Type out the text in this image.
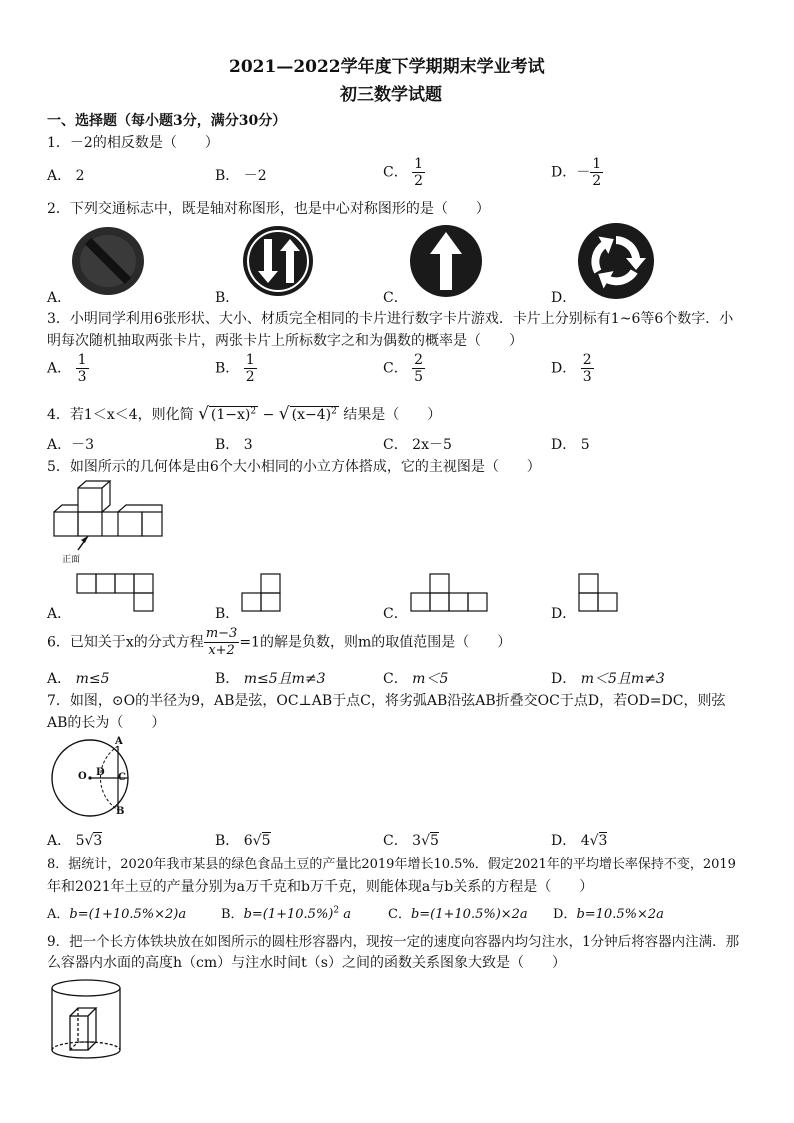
2021—2022学年度下学期期末学业考试
初三数学试题
一、选择题（每小题3分，满分30分）
1．－2的相反数是（　　）
A． 2	B． －2	C． $\frac{1}{2}$	D．－ $\frac{1}{2}$
2．下列交通标志中，既是轴对称图形，也是中心对称图形的是（　　）
A．	B．	C．	D．
3．小明同学利用6张形状、大小、材质完全相同的卡片进行数字卡片游戏．卡片上分别标有1~6等6个数字．小
明每次随机抽取两张卡片，两张卡片上所标数字之和为偶数的概率是（　　）
A． $\frac{1}{3}$	B． $\frac{1}{2}$	C． $\frac{2}{5}$	D． $\frac{2}{3}$
4．若1＜x＜4，则化简 √ $(1-x)^2$ − √ $(x-4)^2$ 结果是（　　）
A．－3	B． 3	C． 2x－5	D． 5
5．如图所示的几何体是由6个大小相同的小立方体搭成，它的主视图是（　　）
正面
A．	B．	C．	D．
6．已知关于x的分式方程 $\frac{m-3}{x+2} =1$的解是负数，则m的取值范围是（　　）
A． m≤5	B． m≤5且m≠3	C． m＜5	D． m＜5且m≠3
7．如图，⊙O的半径为9，AB是弦，OC⊥AB于点C，将劣弧AB沿弦AB折叠交OC于点D，若OD=DC，则弦
AB的长为（　　）
A
B
C
D
O
A． 5√3	B． 6√5	C． 3√5	D． 4√3
8．据统计，2020年我市某县的绿色食品土豆的产量比2019年增长10.5%．假定2021年的平均增长率保持不变，2019
年和2021年土豆的产量分别为a万千克和b万千克，则能体现a与b关系的方程是（　　）
A．b=(1+10.5%×2)a	B．$b=(1+10.5\%)^2$ a	C．b=(1+10.5%)×2a D．b=10.5%×2a
9．把一个长方体铁块放在如图所示的圆柱形容器内，现按一定的速度向容器内均匀注水，1分钟后将容器内注满．那
么容器内水面的高度h（cm）与注水时间t（s）之间的函数关系图象大致是（　　）
